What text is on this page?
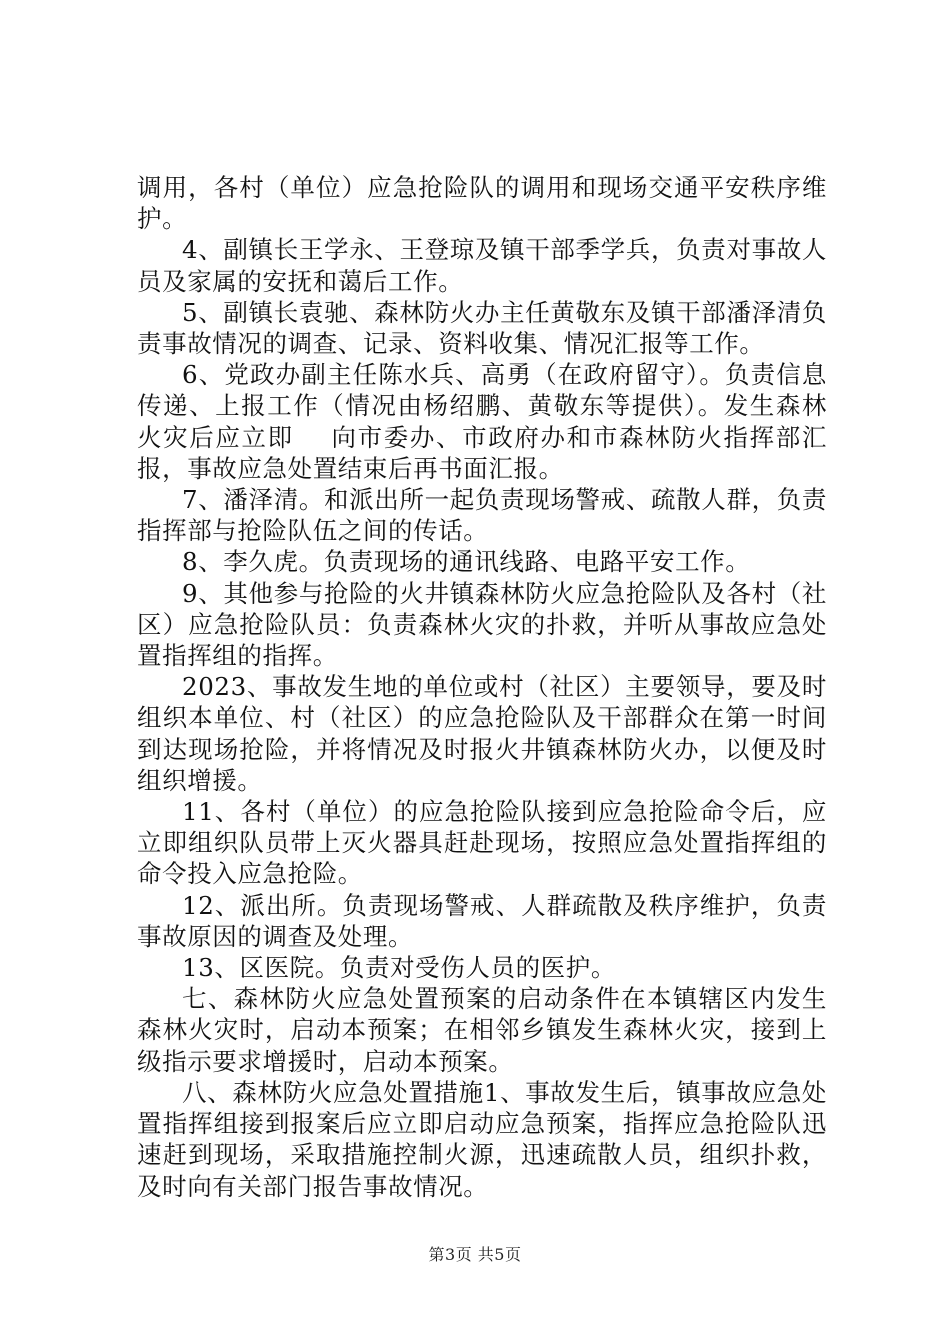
调用，各村（单位）应急抢险队的调用和现场交通平安秩序维护。

4、副镇长王学永、王登琼及镇干部季学兵，负责对事故人员及家属的安抚和蔼后工作。

5、副镇长袁驰、森林防火办主任黄敬东及镇干部潘泽清负责事故情况的调查、记录、资料收集、情况汇报等工作。

6、党政办副主任陈水兵、高勇（在政府留守）。负责信息传递、上报工作（情况由杨绍鹏、黄敬东等提供）。发生森林火灾后应立即    向市委办、市政府办和市森林防火指挥部汇报，事故应急处置结束后再书面汇报。

7、潘泽清。和派出所一起负责现场警戒、疏散人群，负责指挥部与抢险队伍之间的传话。

8、李久虎。负责现场的通讯线路、电路平安工作。

9、其他参与抢险的火井镇森林防火应急抢险队及各村（社区）应急抢险队员：负责森林火灾的扑救，并听从事故应急处置指挥组的指挥。

2023、事故发生地的单位或村（社区）主要领导，要及时组织本单位、村（社区）的应急抢险队及干部群众在第一时间到达现场抢险，并将情况及时报火井镇森林防火办，以便及时组织增援。

11、各村（单位）的应急抢险队接到应急抢险命令后，应立即组织队员带上灭火器具赶赴现场，按照应急处置指挥组的命令投入应急抢险。

12、派出所。负责现场警戒、人群疏散及秩序维护，负责事故原因的调查及处理。

13、区医院。负责对受伤人员的医护。

七、森林防火应急处置预案的启动条件在本镇辖区内发生森林火灾时，启动本预案；在相邻乡镇发生森林火灾，接到上级指示要求增援时，启动本预案。

八、森林防火应急处置措施1、事故发生后，镇事故应急处置指挥组接到报案后应立即启动应急预案，指挥应急抢险队迅速赶到现场，采取措施控制火源，迅速疏散人员，组织扑救，及时向有关部门报告事故情况。

第3页 共5页
